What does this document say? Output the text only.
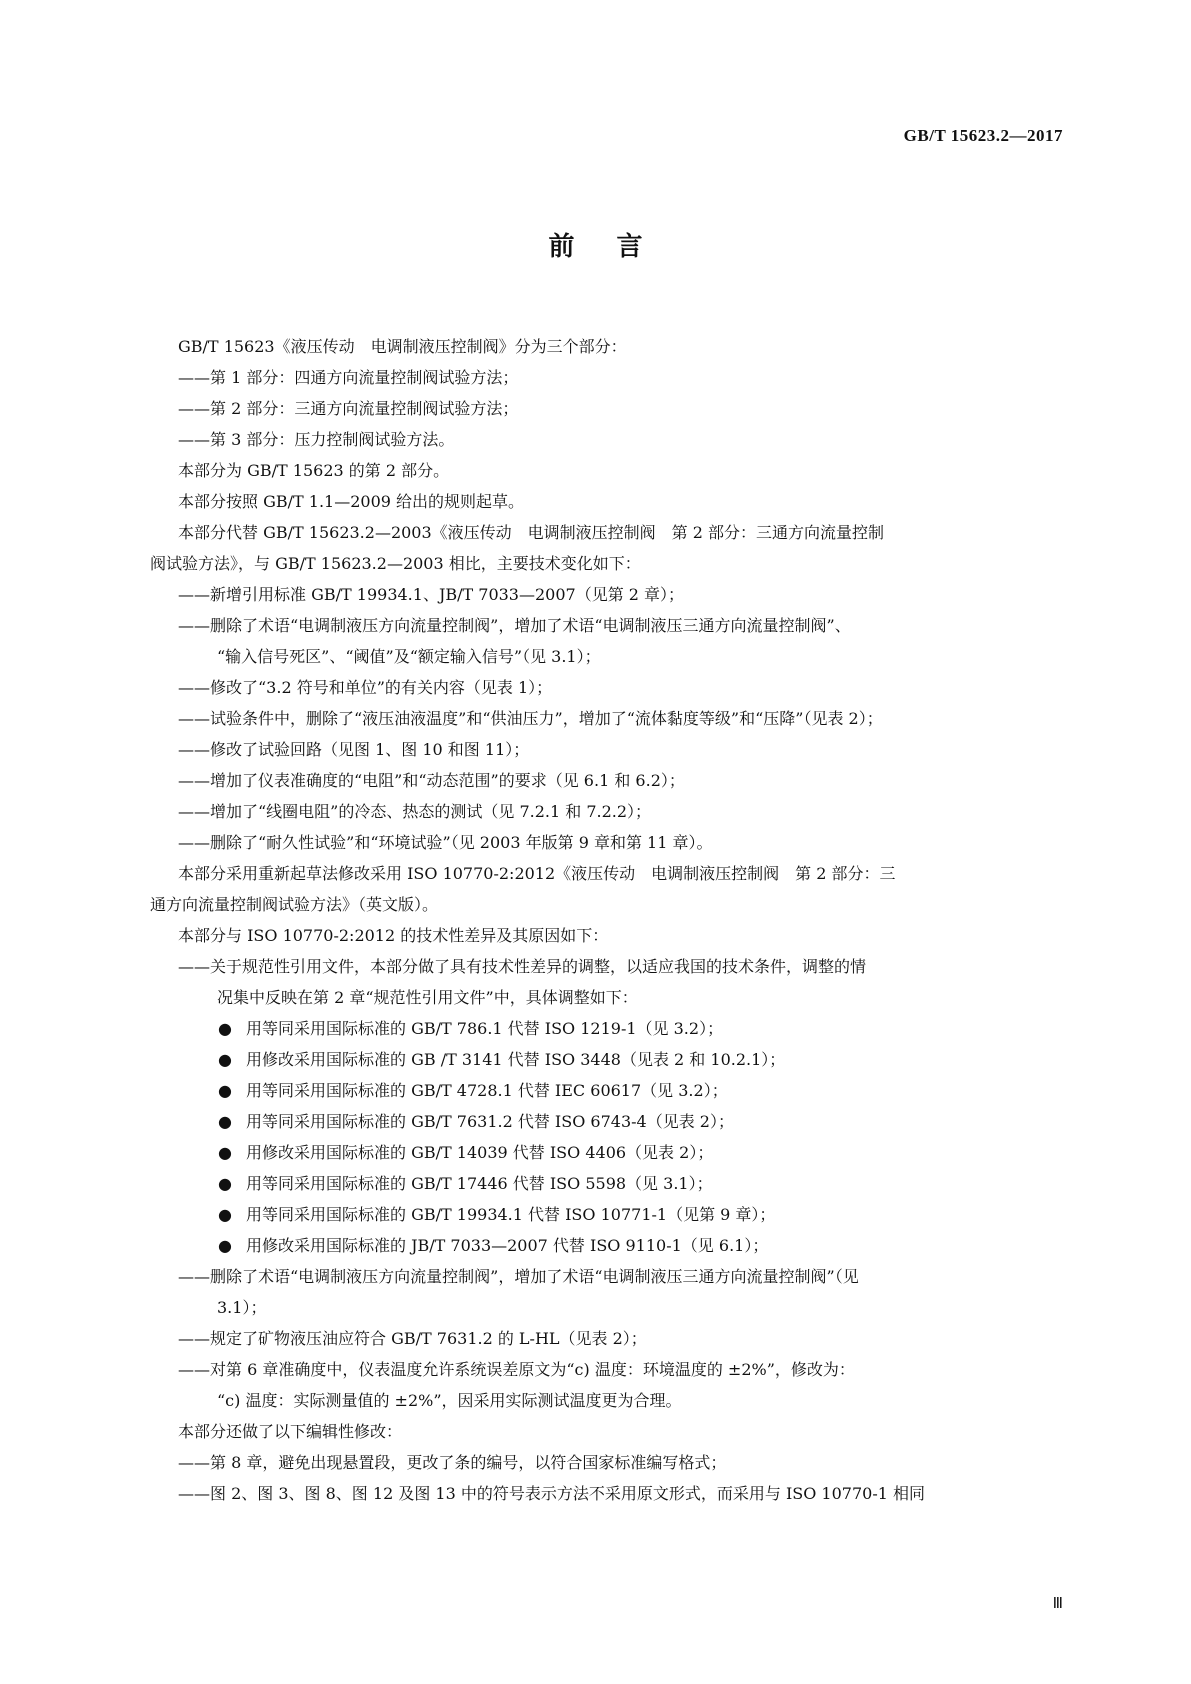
GB/T 15623.2—2017
前言
GB/T 15623《液压传动　电调制液压控制阀》分为三个部分：
——第 1 部分：四通方向流量控制阀试验方法；
——第 2 部分：三通方向流量控制阀试验方法；
——第 3 部分：压力控制阀试验方法。
本部分为 GB/T 15623 的第 2 部分。
本部分按照 GB/T 1.1—2009 给出的规则起草。
本部分代替 GB/T 15623.2—2003《液压传动　电调制液压控制阀　第 2 部分：三通方向流量控制
阀试验方法》，与 GB/T 15623.2—2003 相比，主要技术变化如下：
——新增引用标准 GB/T 19934.1、JB/T 7033—2007（见第 2 章）；
——删除了术语“电调制液压方向流量控制阀”，增加了术语“电调制液压三通方向流量控制阀”、
“输入信号死区”、“阈值”及“额定输入信号”（见 3.1）；
——修改了“3.2 符号和单位”的有关内容（见表 1）；
——试验条件中，删除了“液压油液温度”和“供油压力”，增加了“流体黏度等级”和“压降”（见表 2）；
——修改了试验回路（见图 1、图 10 和图 11）；
——增加了仪表准确度的“电阻”和“动态范围”的要求（见 6.1 和 6.2）；
——增加了“线圈电阻”的冷态、热态的测试（见 7.2.1 和 7.2.2）；
——删除了“耐久性试验”和“环境试验”（见 2003 年版第 9 章和第 11 章）。
本部分采用重新起草法修改采用 ISO 10770-2:2012《液压传动　电调制液压控制阀　第 2 部分：三
通方向流量控制阀试验方法》（英文版）。
本部分与 ISO 10770-2:2012 的技术性差异及其原因如下：
——关于规范性引用文件，本部分做了具有技术性差异的调整，以适应我国的技术条件，调整的情
况集中反映在第 2 章“规范性引用文件”中，具体调整如下：
● 用等同采用国际标准的 GB/T 786.1 代替 ISO 1219-1（见 3.2）；
● 用修改采用国际标准的 GB /T 3141 代替 ISO 3448（见表 2 和 10.2.1）；
● 用等同采用国际标准的 GB/T 4728.1 代替 IEC 60617（见 3.2）；
● 用等同采用国际标准的 GB/T 7631.2 代替 ISO 6743-4（见表 2）；
● 用修改采用国际标准的 GB/T 14039 代替 ISO 4406（见表 2）；
● 用等同采用国际标准的 GB/T 17446 代替 ISO 5598（见 3.1）；
● 用等同采用国际标准的 GB/T 19934.1 代替 ISO 10771-1（见第 9 章）；
● 用修改采用国际标准的 JB/T 7033—2007 代替 ISO 9110-1（见 6.1）；
——删除了术语“电调制液压方向流量控制阀”，增加了术语“电调制液压三通方向流量控制阀”（见
3.1）；
——规定了矿物液压油应符合 GB/T 7631.2 的 L-HL（见表 2）；
——对第 6 章准确度中，仪表温度允许系统误差原文为“c) 温度：环境温度的 ±2%”，修改为：
“c) 温度：实际测量值的 ±2%”，因采用实际测试温度更为合理。
本部分还做了以下编辑性修改：
——第 8 章，避免出现悬置段，更改了条的编号，以符合国家标准编写格式；
——图 2、图 3、图 8、图 12 及图 13 中的符号表示方法不采用原文形式，而采用与 ISO 10770-1 相同
Ⅲ
